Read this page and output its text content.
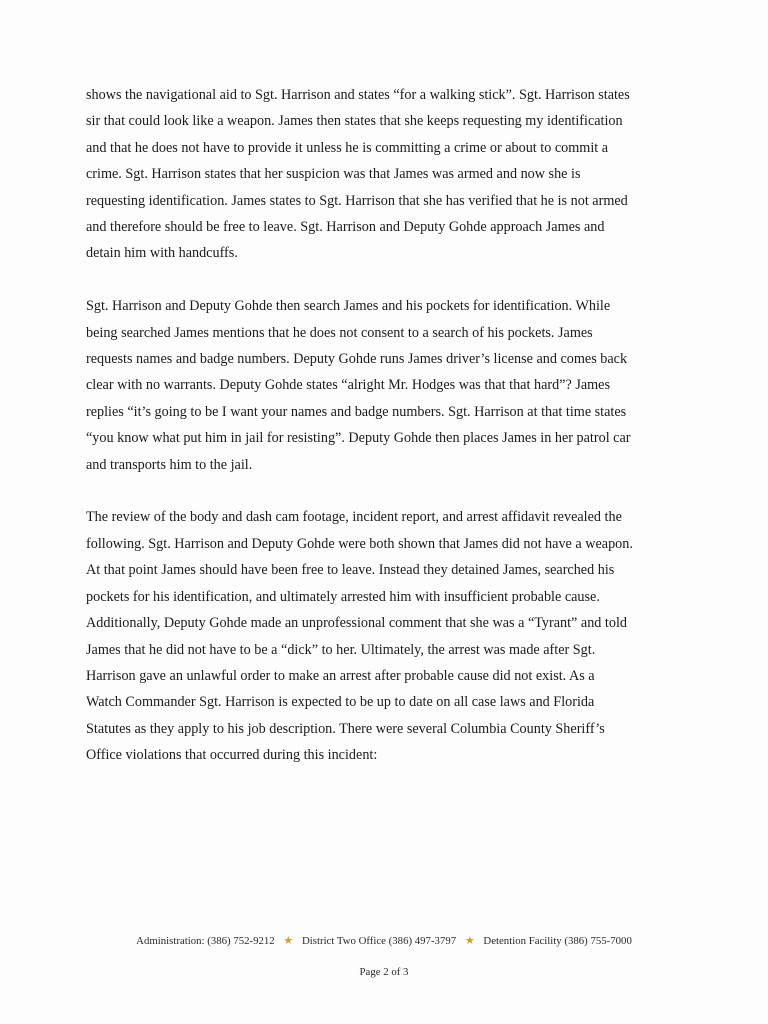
shows the navigational aid to Sgt. Harrison and states “for a walking stick”. Sgt. Harrison states
sir that could look like a weapon. James then states that she keeps requesting my identification
and that he does not have to provide it unless he is committing a crime or about to commit a
crime. Sgt. Harrison states that her suspicion was that James was armed and now she is
requesting identification. James states to Sgt. Harrison that she has verified that he is not armed
and therefore should be free to leave. Sgt. Harrison and Deputy Gohde approach James and
detain him with handcuffs.

Sgt. Harrison and Deputy Gohde then search James and his pockets for identification. While
being searched James mentions that he does not consent to a search of his pockets. James
requests names and badge numbers. Deputy Gohde runs James driver’s license and comes back
clear with no warrants. Deputy Gohde states “alright Mr. Hodges was that that hard”? James
replies “it’s going to be I want your names and badge numbers. Sgt. Harrison at that time states
“you know what put him in jail for resisting”. Deputy Gohde then places James in her patrol car
and transports him to the jail.

The review of the body and dash cam footage, incident report, and arrest affidavit revealed the
following. Sgt. Harrison and Deputy Gohde were both shown that James did not have a weapon.
At that point James should have been free to leave. Instead they detained James, searched his
pockets for his identification, and ultimately arrested him with insufficient probable cause.
Additionally, Deputy Gohde made an unprofessional comment that she was a “Tyrant” and told
James that he did not have to be a “dick” to her. Ultimately, the arrest was made after Sgt.
Harrison gave an unlawful order to make an arrest after probable cause did not exist. As a
Watch Commander Sgt. Harrison is expected to be up to date on all case laws and Florida
Statutes as they apply to his job description. There were several Columbia County Sheriff’s
Office violations that occurred during this incident:

Administration: (386) 752-9212 ★ District Two Office (386) 497-3797 ★ Detention Facility (386) 755-7000
Page 2 of 3
